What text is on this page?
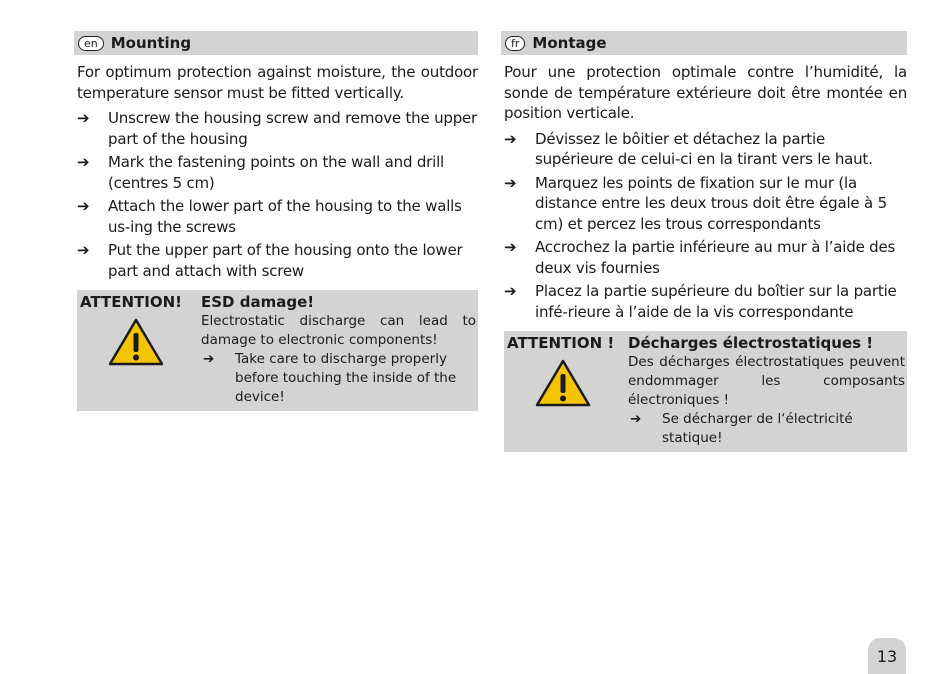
en Mounting
For optimum protection against moisture, the outdoor temperature sensor must be fitted vertically.
➔	Unscrew the housing screw and remove the upper part of the housing
➔	Mark the fastening points on the wall and drill (centres 5 cm)
➔	Attach the lower part of the housing to the walls us-ing the screws
➔	Put the upper part of the housing onto the lower part and attach with screw
ATTENTION!	ESD damage!
Electrostatic discharge can lead to damage to electronic components!
➔	Take care to discharge properly before touching the inside of the device!
fr Montage
Pour une protection optimale contre l’humidité, la sonde de température extérieure doit être montée en position verticale.
➔	Dévissez le bôitier et détachez la partie supérieure de celui-ci en la tirant vers le haut.
➔	Marquez les points de fixation sur le mur (la distance entre les deux trous doit être égale à 5 cm) et percez les trous correspondants
➔	Accrochez la partie inférieure au mur à l’aide des deux vis fournies
➔	Placez la partie supérieure du boîtier sur la partie infé-rieure à l’aide de la vis correspondante
ATTENTION ! Décharges électrostatiques !
Des décharges électrostatiques peuvent endommager les composants électroniques !
➔	Se décharger de l‘électricité statique!
13
